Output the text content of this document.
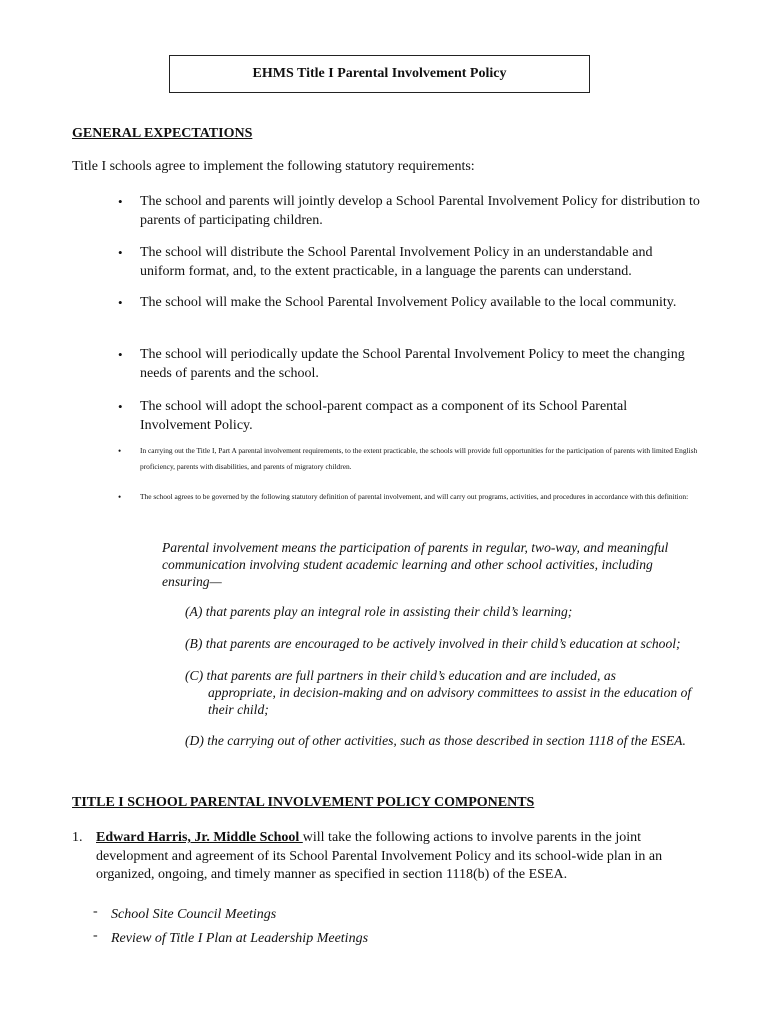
EHMS Title I Parental Involvement Policy
GENERAL EXPECTATIONS
Title I schools agree to implement the following statutory requirements:
• The school and parents will jointly develop a School Parental Involvement Policy for distribution to parents of participating children.
• The school will distribute the School Parental Involvement Policy in an understandable and uniform format, and, to the extent practicable, in a language the parents can understand.
• The school will make the School Parental Involvement Policy available to the local community.
• The school will periodically update the School Parental Involvement Policy to meet the changing needs of parents and the school.
• The school will adopt the school-parent compact as a component of its School Parental Involvement Policy.
• In carrying out the Title I, Part A parental involvement requirements, to the extent practicable, the schools will provide full opportunities for the participation of parents with limited English proficiency, parents with disabilities, and parents of migratory children.
• The school agrees to be governed by the following statutory definition of parental involvement, and will carry out programs, activities, and procedures in accordance with this definition:
Parental involvement means the participation of parents in regular, two-way, and meaningful communication involving student academic learning and other school activities, including ensuring—
(A) that parents play an integral role in assisting their child’s learning;
(B) that parents are encouraged to be actively involved in their child’s education at school;
(C) that parents are full partners in their child’s education and are included, as
appropriate, in decision-making and on advisory committees to assist in the education of their child;
(D) the carrying out of other activities, such as those described in section 1118 of the ESEA.
TITLE I SCHOOL PARENTAL INVOLVEMENT POLICY COMPONENTS
1. Edward Harris, Jr. Middle School will take the following actions to involve parents in the joint development and agreement of its School Parental Involvement Policy and its school-wide plan in an organized, ongoing, and timely manner as specified in section 1118(b) of the ESEA.
- School Site Council Meetings
- Review of Title I Plan at Leadership Meetings
